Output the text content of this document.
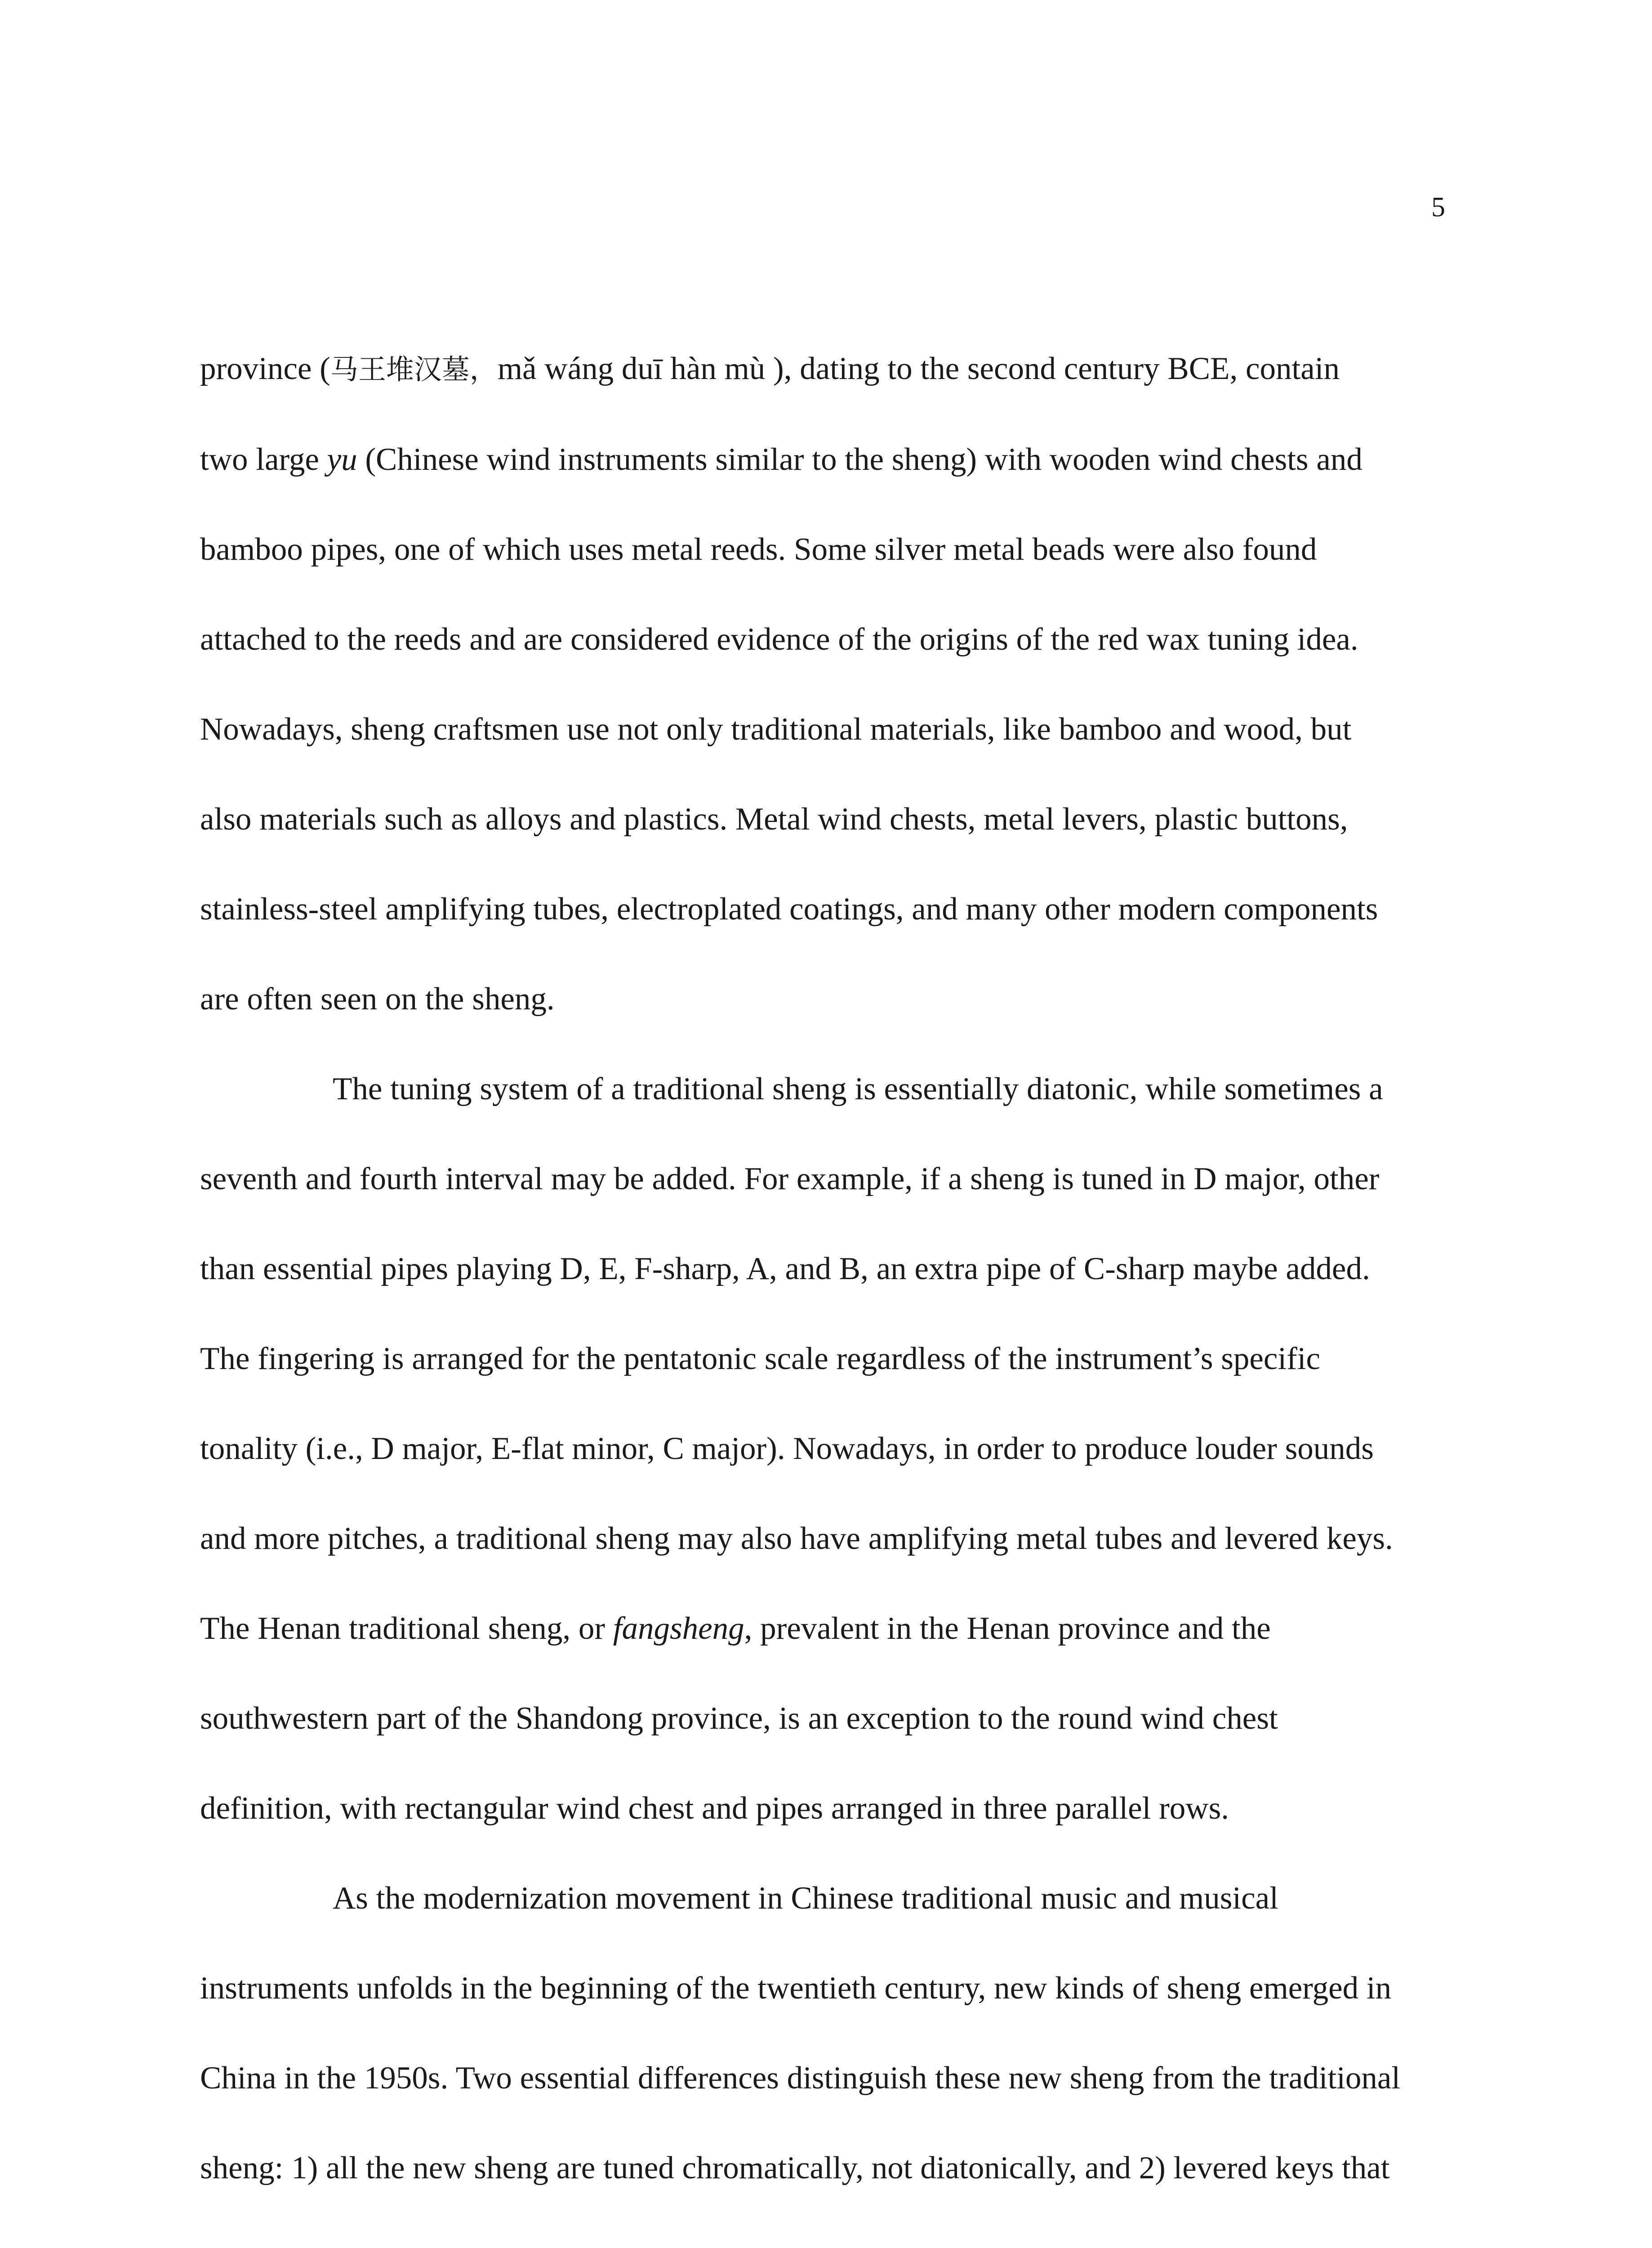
5
province (马王堆汉墓，mǎ wáng duī hàn mù ), dating to the second century BCE, contain
two large yu (Chinese wind instruments similar to the sheng) with wooden wind chests and
bamboo pipes, one of which uses metal reeds. Some silver metal beads were also found
attached to the reeds and are considered evidence of the origins of the red wax tuning idea.
Nowadays, sheng craftsmen use not only traditional materials, like bamboo and wood, but
also materials such as alloys and plastics. Metal wind chests, metal levers, plastic buttons,
stainless-steel amplifying tubes, electroplated coatings, and many other modern components
are often seen on the sheng.
The tuning system of a traditional sheng is essentially diatonic, while sometimes a
seventh and fourth interval may be added. For example, if a sheng is tuned in D major, other
than essential pipes playing D, E, F-sharp, A, and B, an extra pipe of C-sharp maybe added.
The fingering is arranged for the pentatonic scale regardless of the instrument’s specific
tonality (i.e., D major, E-flat minor, C major). Nowadays, in order to produce louder sounds
and more pitches, a traditional sheng may also have amplifying metal tubes and levered keys.
The Henan traditional sheng, or fangsheng, prevalent in the Henan province and the
southwestern part of the Shandong province, is an exception to the round wind chest
definition, with rectangular wind chest and pipes arranged in three parallel rows.
As the modernization movement in Chinese traditional music and musical
instruments unfolds in the beginning of the twentieth century, new kinds of sheng emerged in
China in the 1950s. Two essential differences distinguish these new sheng from the traditional
sheng: 1) all the new sheng are tuned chromatically, not diatonically, and 2) levered keys that
